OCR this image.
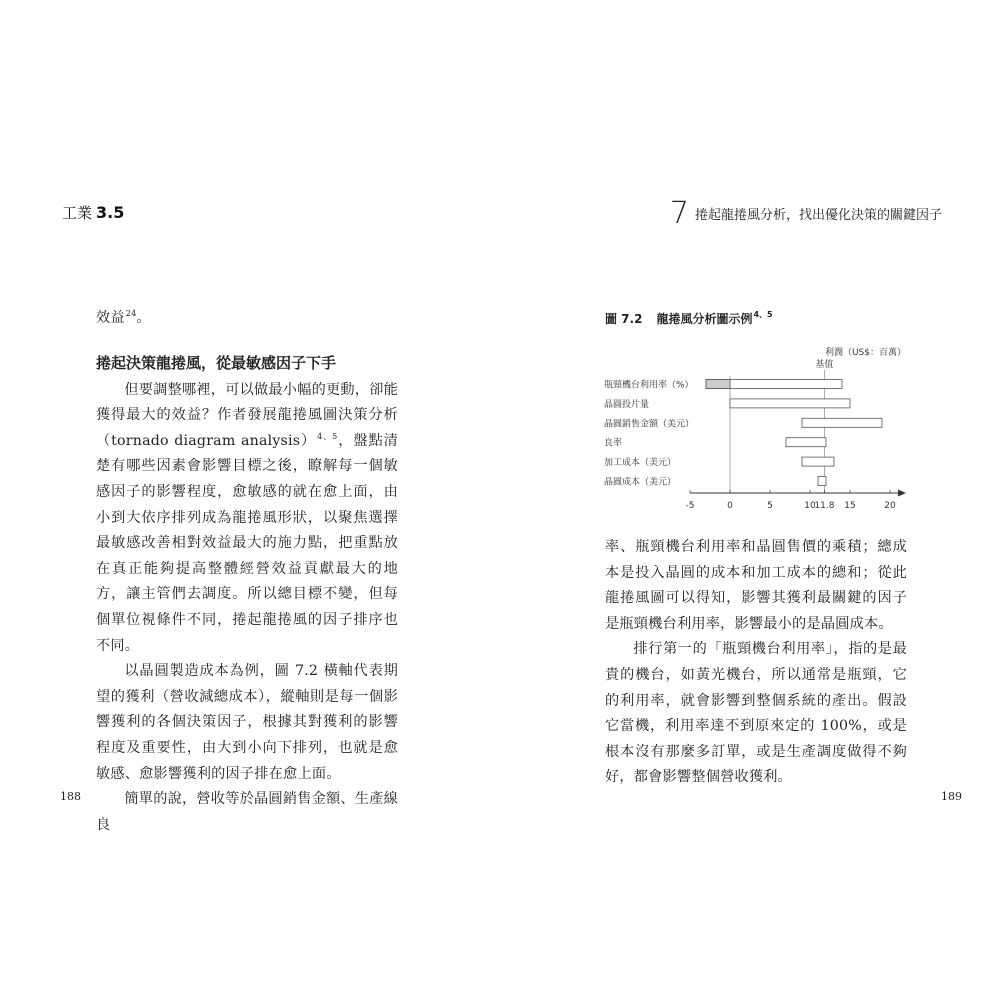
工業 3.5	7 捲起龍捲風分析，找出優化決策的關鍵因子

效益$^{24}$。

捲起決策龍捲風，從最敏感因子下手

但要調整哪裡，可以做最小幅的更動，卻能獲得最大的效益？作者發展龍捲風圖決策分析（tornado diagram analysis）$^{4、5}$，盤點清楚有哪些因素會影響目標之後，瞭解每一個敏感因子的影響程度，愈敏感的就在愈上面，由小到大依序排列成為龍捲風形狀，以聚焦選擇最敏感改善相對效益最大的施力點，把重點放在真正能夠提高整體經營效益貢獻最大的地方，讓主管們去調度。所以總目標不變，但每個單位視條件不同，捲起龍捲風的因子排序也不同。

以晶圓製造成本為例，圖 7.2 橫軸代表期望的獲利（營收減總成本），縱軸則是每一個影響獲利的各個決策因子，根據其對獲利的影響程度及重要性，由大到小向下排列，也就是愈敏感、愈影響獲利的因子排在愈上面。

簡單的說，營收等於晶圓銷售金額、生產線良

188
圖 7.2 龍捲風分析圖示例$^{4、5}$
利潤（US$：百萬）
基值
瓶頸機台利用率（%）
晶圓投片量
晶圓銷售金額（美元）
良率
加工成本（美元）
晶圓成本（美元）
-5	0	5	10
11.8 15	20

率、瓶頸機台利用率和晶圓售價的乘積；總成本是投入晶圓的成本和加工成本的總和；從此龍捲風圖可以得知，影響其獲利最關鍵的因子是瓶頸機台利用率，影響最小的是晶圓成本。

排行第一的「瓶頸機台利用率」，指的是最貴的機台，如黃光機台，所以通常是瓶頸，它的利用率，就會影響到整個系統的產出。假設它當機，利用率達不到原來定的 100%，或是根本沒有那麼多訂單，或是生產調度做得不夠好，都會影響整個營收獲利。

189
